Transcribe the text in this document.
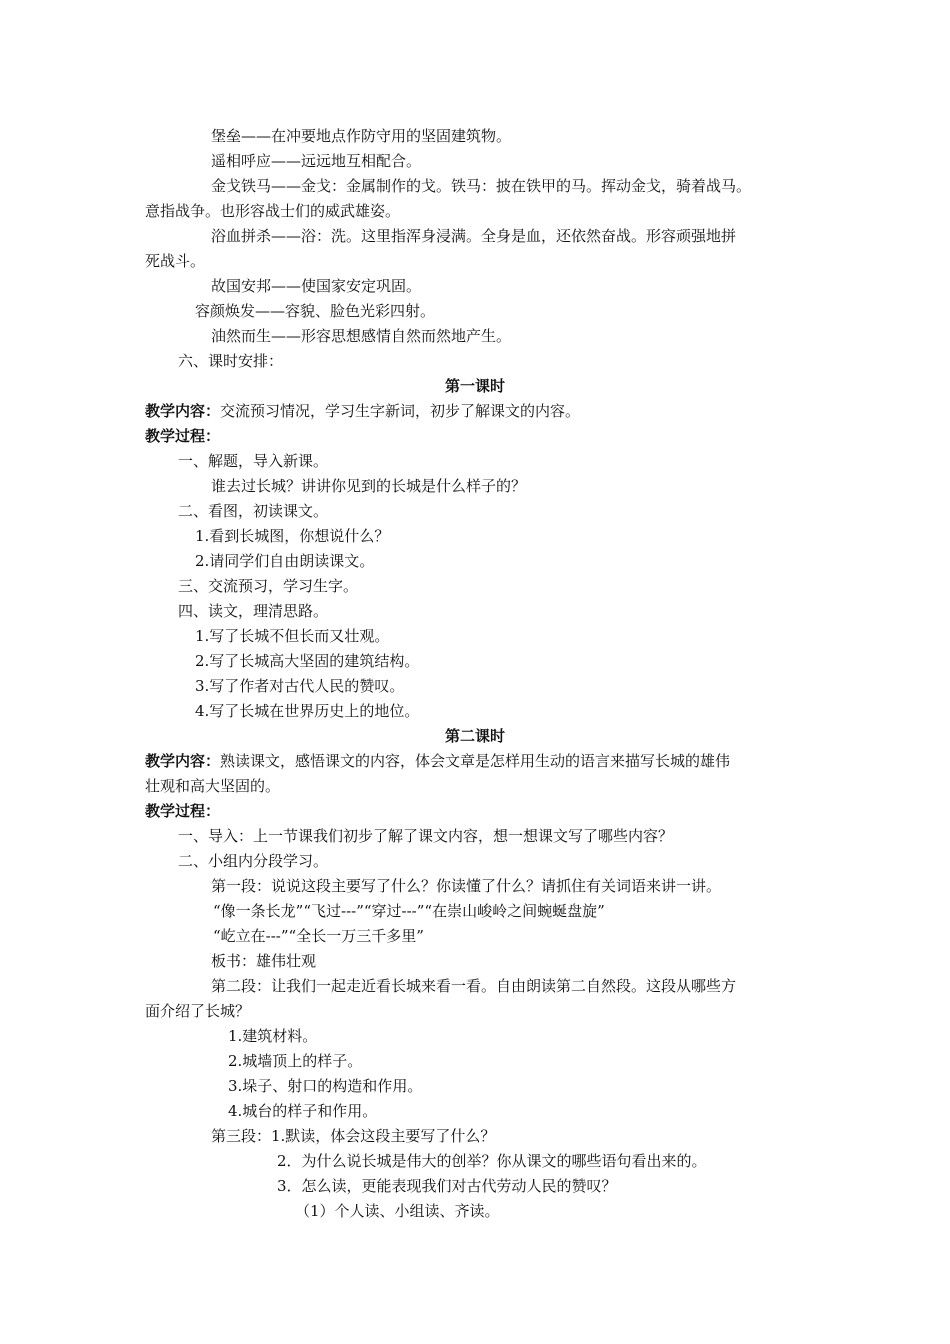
堡垒——在冲要地点作防守用的坚固建筑物。
遥相呼应——远远地互相配合。
金戈铁马——金戈：金属制作的戈。铁马：披在铁甲的马。挥动金戈，骑着战马。
意指战争。也形容战士们的威武雄姿。
浴血拼杀——浴：洗。这里指浑身浸满。全身是血，还依然奋战。形容顽强地拼
死战斗。
故国安邦——使国家安定巩固。
容颜焕发——容貌、脸色光彩四射。
油然而生——形容思想感情自然而然地产生。
六、课时安排：
第一课时
教学内容：交流预习情况，学习生字新词，初步了解课文的内容。
教学过程：
一、解题，导入新课。
谁去过长城？讲讲你见到的长城是什么样子的？
二、看图，初读课文。
1.看到长城图，你想说什么？
2.请同学们自由朗读课文。
三、交流预习，学习生字。
四、读文，理清思路。
1.写了长城不但长而又壮观。
2.写了长城高大坚固的建筑结构。
3.写了作者对古代人民的赞叹。
4.写了长城在世界历史上的地位。
第二课时
教学内容：熟读课文，感悟课文的内容，体会文章是怎样用生动的语言来描写长城的雄伟
壮观和高大坚固的。
教学过程：
一、导入：上一节课我们初步了解了课文内容，想一想课文写了哪些内容？
二、小组内分段学习。
第一段：说说这段主要写了什么？你读懂了什么？请抓住有关词语来讲一讲。
“像一条长龙”“飞过---”“穿过---”“在崇山峻岭之间蜿蜒盘旋”
“屹立在---”“全长一万三千多里”
板书：雄伟壮观
第二段：让我们一起走近看长城来看一看。自由朗读第二自然段。这段从哪些方
面介绍了长城？
1.建筑材料。
2.城墙顶上的样子。
3.垛子、射口的构造和作用。
4.城台的样子和作用。
第三段：1.默读，体会这段主要写了什么？
2．为什么说长城是伟大的创举？你从课文的哪些语句看出来的。
3．怎么读，更能表现我们对古代劳动人民的赞叹？
（1）个人读、小组读、齐读。
